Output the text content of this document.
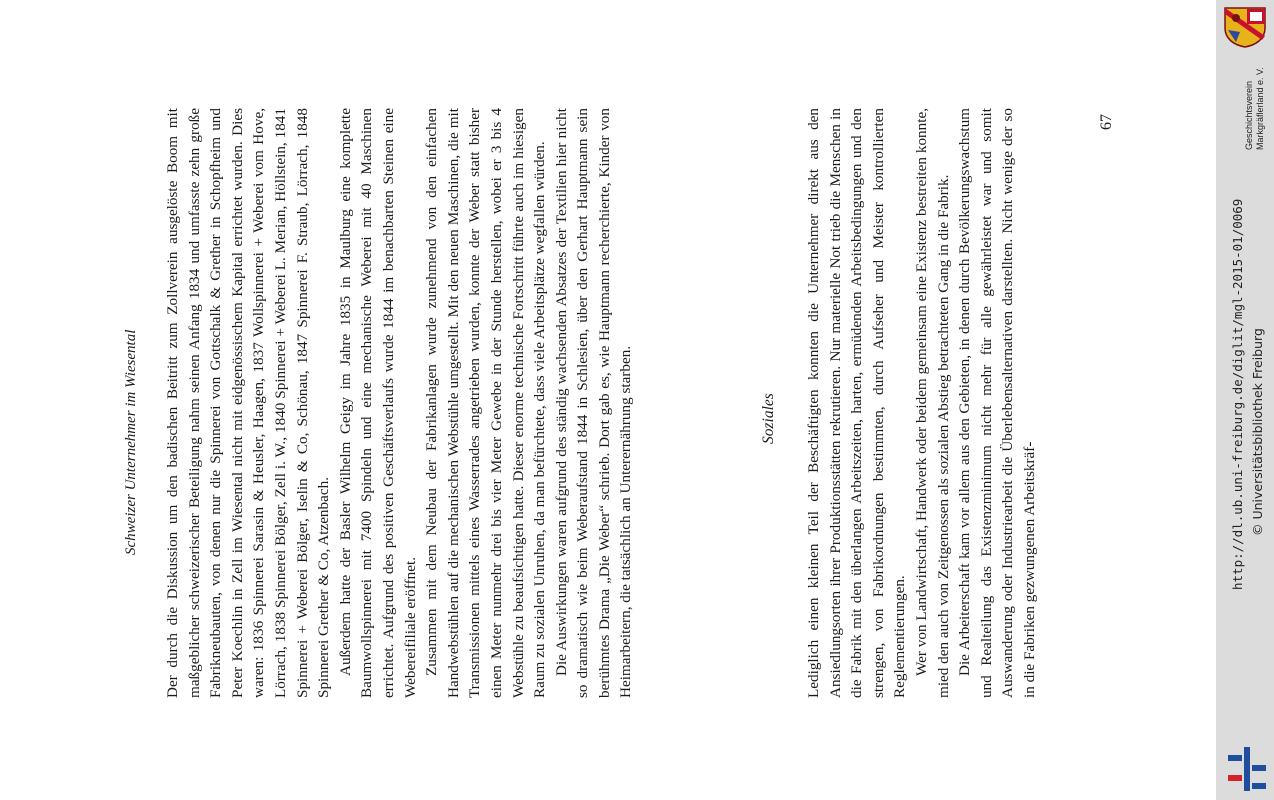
Schweizer Unternehmer im Wiesental Der durch die Diskussion um den badischen Beitritt zum Zollverein ausgelöste Boom mit maßgeblicher schweizerischer Beteiligung nahm seinen Anfang 1834 und umfasste zehn große Fabrikneubauten, von denen nur die Spinnerei von Gottschalk & Grether in Schopfheim und Peter Koechlin in Zell im Wiesental nicht mit eidgenössischem Kapital errichtet wurden. Dies waren: 1836 Spinnerei Sarasin & Heusler, Haagen, 1837 Wollspinnerei + Weberei vom Hove, Lörrach, 1838 Spinnerei Bölger, Zell i. W., 1840 Spinnerei + Weberei L. Merian, Höllstein, 1841 Spinnerei + Weberei Bölger, Iselin & Co, Schönau, 1847 Spinnerei F. Straub, Lörrach, 1848 Spinnerei Grether & Co, Atzenbach. Außerdem hatte der Basler Wilhelm Geigy im Jahre 1835 in Maulburg eine komplette Baumwollspinnerei mit 7400 Spindeln und eine mechanische Weberei mit 40 Maschinen errichtet. Aufgrund des positiven Geschäftsverlaufs wurde 1844 im benachbarten Steinen eine Webereifiliale eröffnet. Zusammen mit dem Neubau der Fabrikanlagen wurde zunehmend von den einfachen Handwebstühlen auf die mechanischen Webstühle umgestellt. Mit den neuen Maschinen, die mit Transmissionen mittels eines Wasserrades angetrieben wurden, konnte der Weber statt bisher einen Meter nunmehr drei bis vier Meter Gewebe in der Stunde herstellen, wobei er 3 bis 4 Webstühle zu beaufsichtigen hatte. Dieser enorme technische Fortschritt führte auch im hiesigen Raum zu sozialen Unruhen, da man befürchtete, dass viele Arbeitsplätze wegfallen würden. Die Auswirkungen waren aufgrund des ständig wachsenden Absatzes der Textilien hier nicht so dramatisch wie beim Weberaufstand 1844 in Schlesien, über den Gerhart Hauptmann sein berühmtes Drama „Die Weber“ schrieb. Dort gab es, wie Hauptmann recherchierte, Kinder von Heimarbeitern, die tatsächlich an Unterernährung starben.	Soziales Lediglich einen kleinen Teil der Beschäftigten konnten die Unternehmer direkt aus den Ansiedlungsorten ihrer Produktionsstätten rekrutieren. Nur materielle Not trieb die Menschen in die Fabrik mit den überlangen Arbeitszeiten, harten, ermüdenden Arbeitsbedingungen und den strengen, von Fabrikordnungen bestimmten, durch Aufseher und Meister kontrollierten Reglementierungen. Wer von Landwirtschaft, Handwerk oder beidem gemeinsam eine Existenz bestreiten konnte, mied den auch von Zeitgenossen als sozialen Abstieg betrachteten Gang in die Fabrik. Die Arbeiterschaft kam vor allem aus den Gebieten, in denen durch Bevölkerungswachstum und Realteilung das Existenzminimum nicht mehr für alle gewährleistet war und somit Auswanderung oder Industriearbeit die Überlebensalternativen darstellten. Nicht wenige der so in die Fabriken gezwungenen Arbeitskräf-

67	Geschichtsverein Markgräflerland e. V.
http://dl.ub.uni-freiburg.de/diglit/mgl-2015-01/0069 © Universitätsbibliothek Freiburg
